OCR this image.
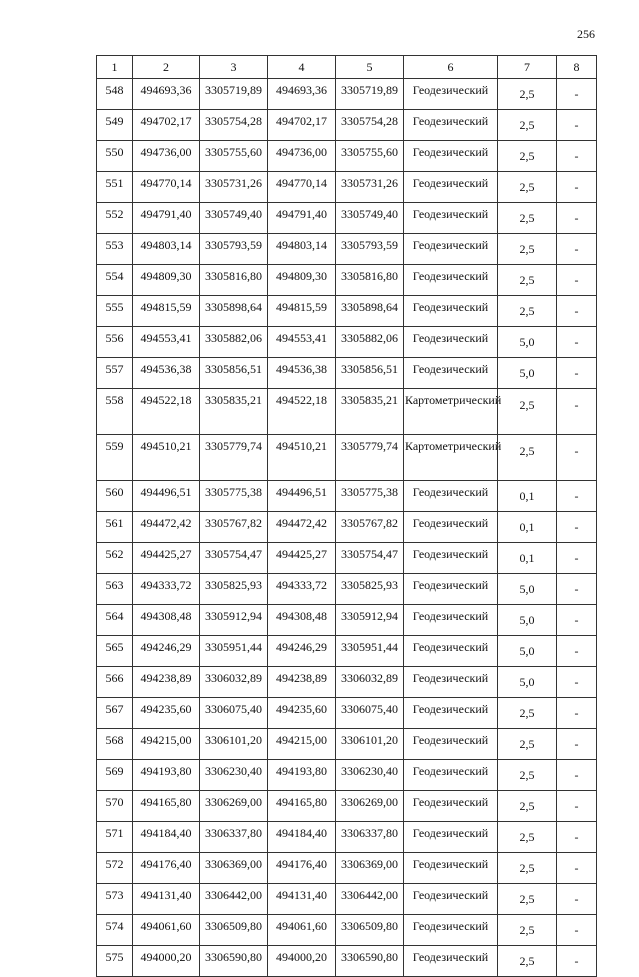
256
1	2	3	4	5	6	7	8
548	494693,36	3305719,89	494693,36	3305719,89	Геодезический	2,5	-
549	494702,17	3305754,28	494702,17	3305754,28	Геодезический	2,5	-
550	494736,00	3305755,60	494736,00	3305755,60	Геодезический	2,5	-
551	494770,14	3305731,26	494770,14	3305731,26	Геодезический	2,5	-
552	494791,40	3305749,40	494791,40	3305749,40	Геодезический	2,5	-
553	494803,14	3305793,59	494803,14	3305793,59	Геодезический	2,5	-
554	494809,30	3305816,80	494809,30	3305816,80	Геодезический	2,5	-
555	494815,59	3305898,64	494815,59	3305898,64	Геодезический	2,5	-
556	494553,41	3305882,06	494553,41	3305882,06	Геодезический	5,0	-
557	494536,38	3305856,51	494536,38	3305856,51	Геодезический	5,0	-
558	494522,18	3305835,21	494522,18	3305835,21	Картометрический	2,5	-
559	494510,21	3305779,74	494510,21	3305779,74	Картометрический	2,5	-
560	494496,51	3305775,38	494496,51	3305775,38	Геодезический	0,1	-
561	494472,42	3305767,82	494472,42	3305767,82	Геодезический	0,1	-
562	494425,27	3305754,47	494425,27	3305754,47	Геодезический	0,1	-
563	494333,72	3305825,93	494333,72	3305825,93	Геодезический	5,0	-
564	494308,48	3305912,94	494308,48	3305912,94	Геодезический	5,0	-
565	494246,29	3305951,44	494246,29	3305951,44	Геодезический	5,0	-
566	494238,89	3306032,89	494238,89	3306032,89	Геодезический	5,0	-
567	494235,60	3306075,40	494235,60	3306075,40	Геодезический	2,5	-
568	494215,00	3306101,20	494215,00	3306101,20	Геодезический	2,5	-
569	494193,80	3306230,40	494193,80	3306230,40	Геодезический	2,5	-
570	494165,80	3306269,00	494165,80	3306269,00	Геодезический	2,5	-
571	494184,40	3306337,80	494184,40	3306337,80	Геодезический	2,5	-
572	494176,40	3306369,00	494176,40	3306369,00	Геодезический	2,5	-
573	494131,40	3306442,00	494131,40	3306442,00	Геодезический	2,5	-
574	494061,60	3306509,80	494061,60	3306509,80	Геодезический	2,5	-
575	494000,20	3306590,80	494000,20	3306590,80	Геодезический	2,5	-
